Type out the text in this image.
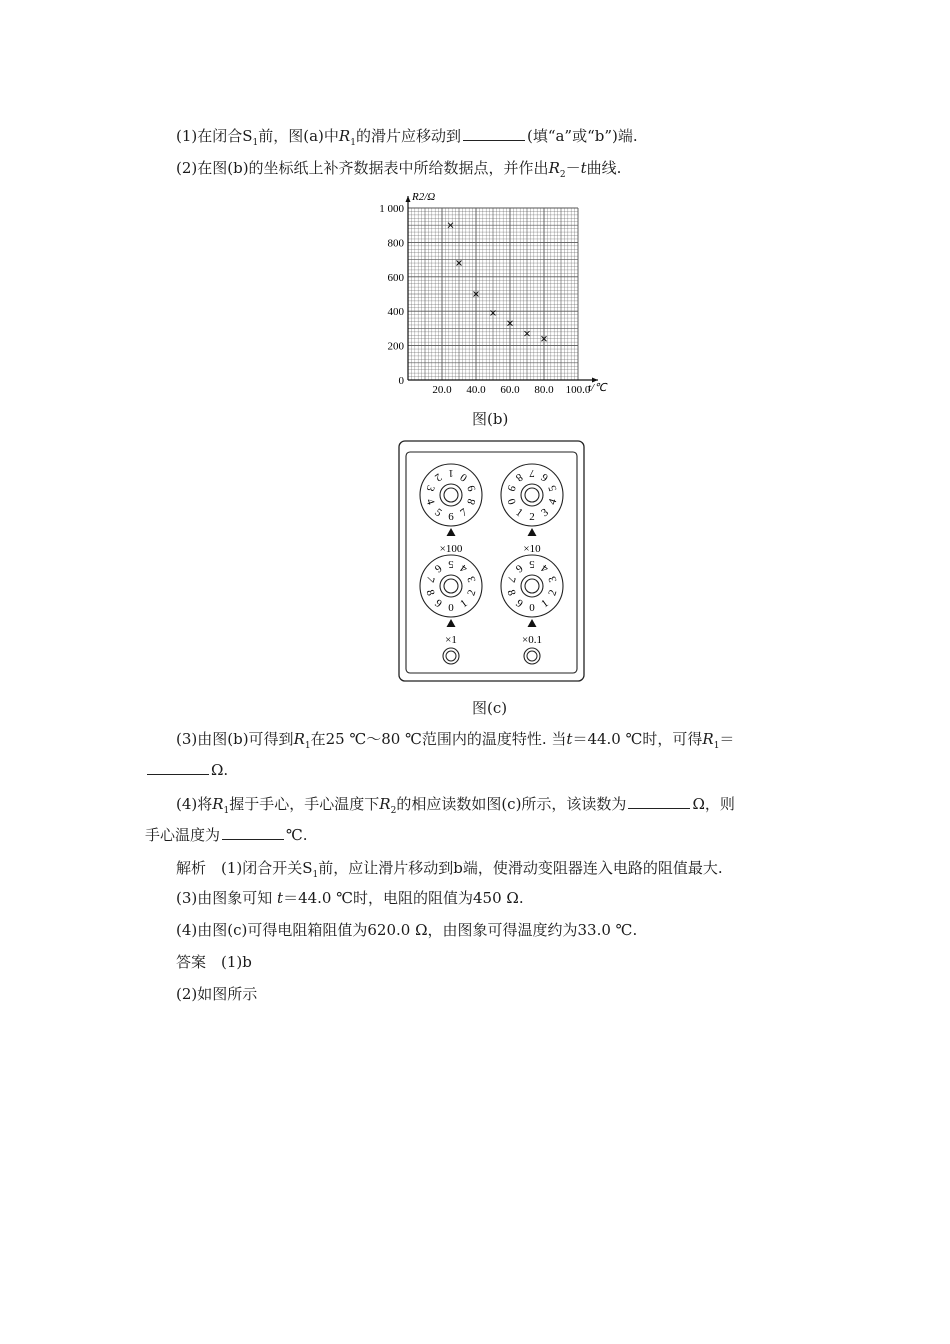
(1)在闭合$S_1$前，图(a)中$R_1$的滑片应移动到	(填“a”或“b”)端.
(2)在图(b)的坐标纸上补齐数据表中所给数据点，并作出$R_2-t$曲线.
0
200
400
600
800
1 000
20.0 40.0 60.0 80.0 100.0
R2/Ω
t/℃
图(b)
0
1
2
3
4
5 6 7
8
9
×100
0
1 2 3
4
5
6
7
8
9
×10
0 1
2
3
4
5
6
7
8
9
×1
0 1
2
3
4
5
6
7
8
9
×0.1
图(c)
(3)由图(b)可得到$R_1$在25 ℃～80 ℃范围内的温度特性. 当t＝44.0 ℃时，可得$R_1=$
Ω.
(4)将$R_1$握于手心，手心温度下$R_2$的相应读数如图(c)所示，该读数为	Ω，则
手心温度为	℃.
解析　(1)闭合开关$S_1$前，应让滑片移动到b端，使滑动变阻器连入电路的阻值最大.
(3)由图象可知 t＝44.0 ℃时，电阻的阻值为450 Ω.
(4)由图(c)可得电阻箱阻值为620.0 Ω，由图象可得温度约为33.0 ℃.
答案　(1)b
(2)如图所示
